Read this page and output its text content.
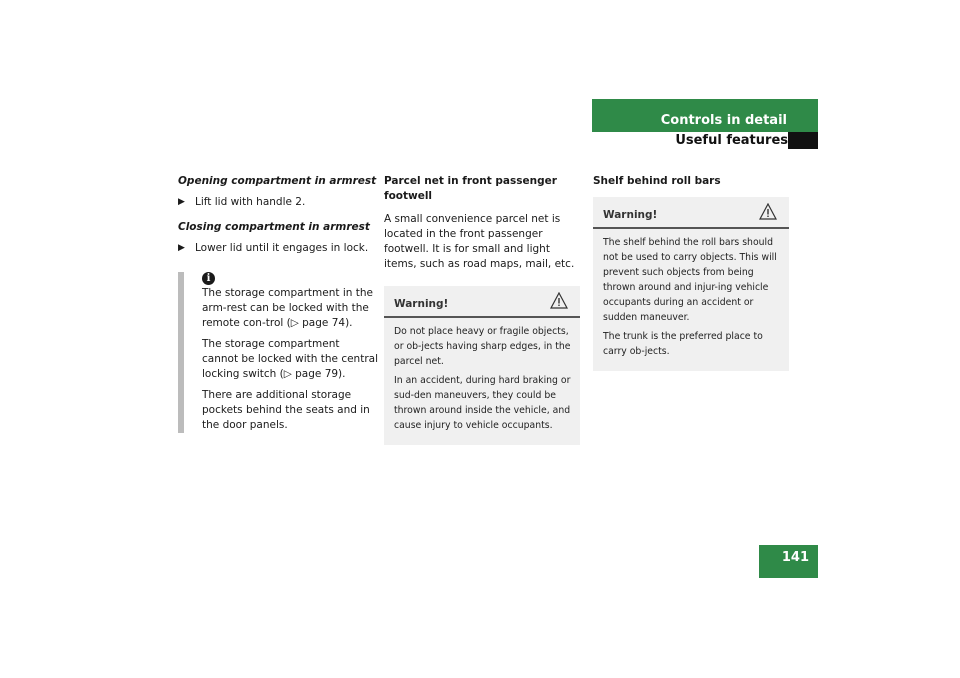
Controls in detail
Useful features
141

Opening compartment in armrest

▶ Lift lid with handle 2.

Closing compartment in armrest

▶ Lower lid until it engages in lock.

i

The storage compartment in the arm-rest can be locked with the remote con-trol (▷ page 74).

The storage compartment cannot be locked with the central locking switch (▷ page 79).

There are additional storage pockets behind the seats and in the door panels.

Parcel net in front passenger footwell

A small convenience parcel net is located in the front passenger footwell. It is for small and light items, such as road maps, mail, etc.

Warning!

Do not place heavy or fragile objects, or ob-jects having sharp edges, in the parcel net.

In an accident, during hard braking or sud-den maneuvers, they could be thrown around inside the vehicle, and cause injury to vehicle occupants.

Shelf behind roll bars

Warning!

The shelf behind the roll bars should not be used to carry objects. This will prevent such objects from being thrown around and injur-ing vehicle occupants during an accident or sudden maneuver.

The trunk is the preferred place to carry ob-jects.
